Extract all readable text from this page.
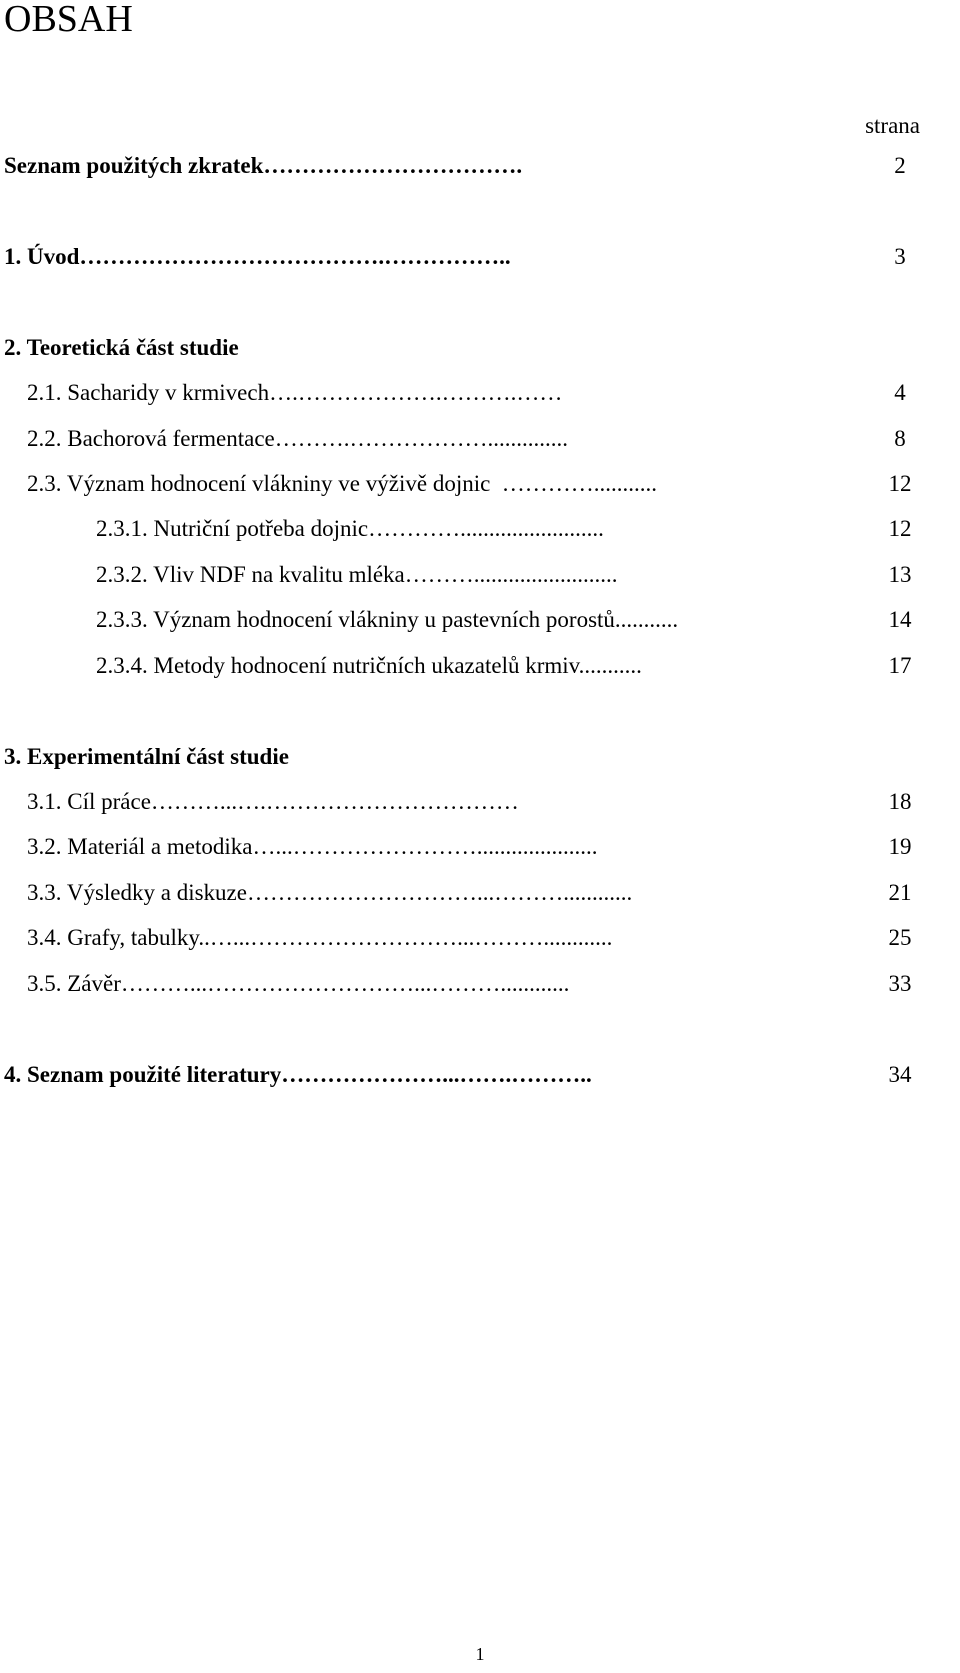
OBSAH
strana
Seznam použitých zkratek…………………………….	2
1. Úvod………………………………….……………..	3
2. Teoretická část studie
2.1. Sacharidy v krmivech….……………….……….……	4
2.2. Bachorová fermentace……….………………..............	8
2.3. Význam hodnocení vlákniny ve výživě dojnic  …………...........	12
2.3.1. Nutriční potřeba dojnic………….........................	12
2.3.2. Vliv NDF na kvalitu mléka……….........................	13
2.3.3. Význam hodnocení vlákniny u pastevních porostů...........	14
2.3.4. Metody hodnocení nutričních ukazatelů krmiv...........	17
3. Experimentální část studie
3.1. Cíl práce………...….……………………………	18
3.2. Materiál a metodika…...…………………….....................	19
3.3. Výsledky a diskuze…………………………...………............	21
3.4. Grafy, tabulky..…...………………………...………............	25
3.5. Závěr………...………………………...………............	33
4. Seznam použité literatury…………………...…….………..	34
1
